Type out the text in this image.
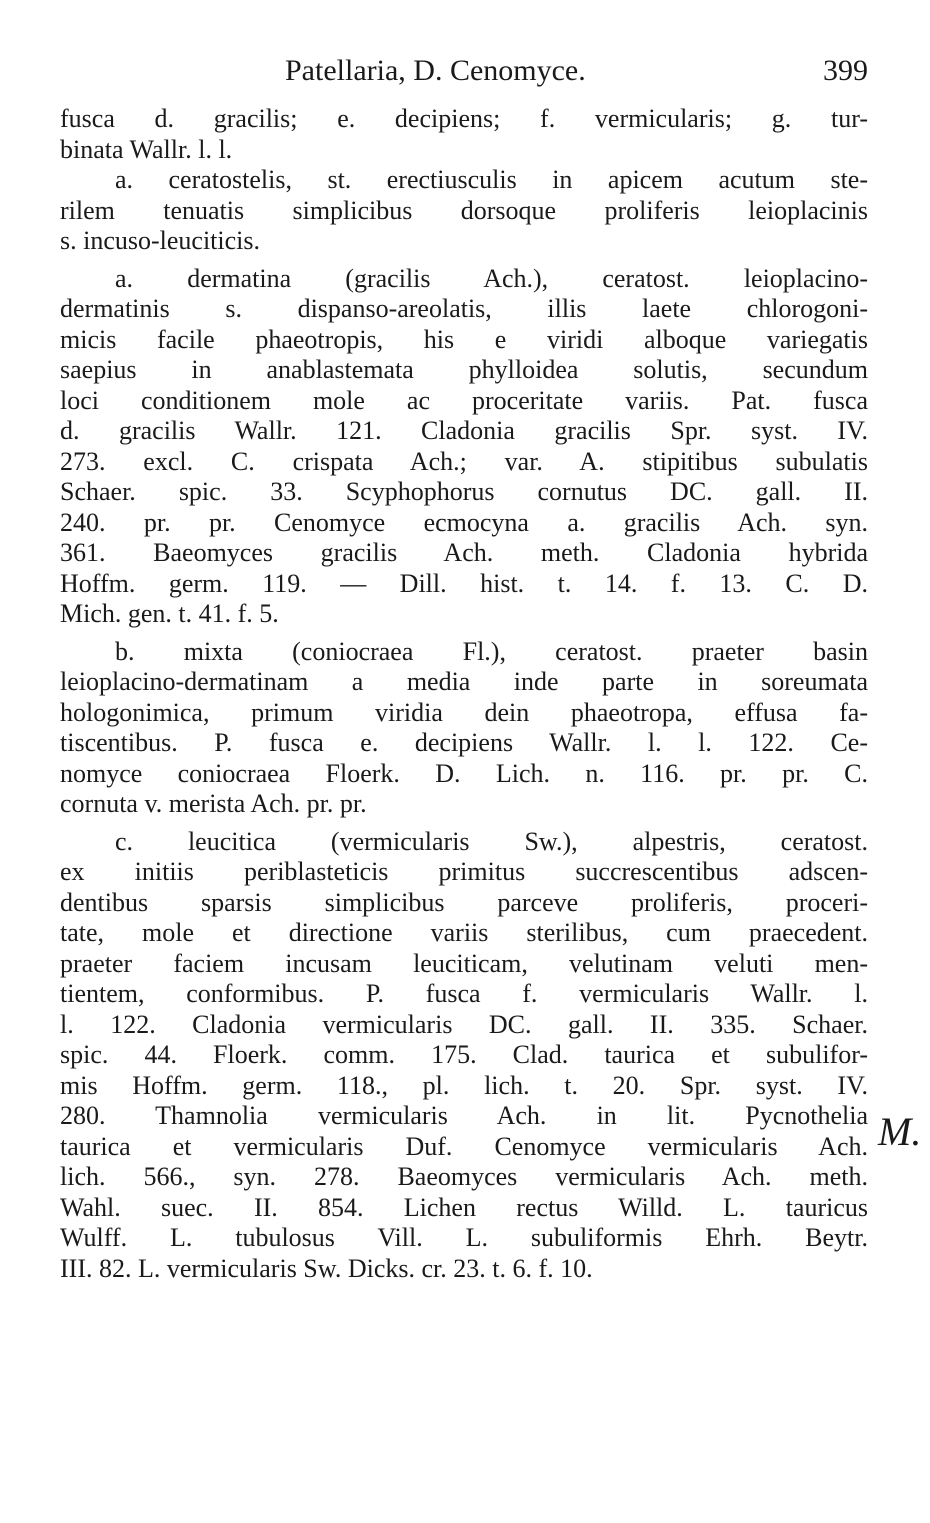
Patellaria, D. Cenomyce.	399
fusca d. gracilis; e. decipiens; f. vermicularis; g. tur-
binata Wallr. l. l.
a. ceratostelis, st. erectiusculis in apicem acutum ste-
rilem tenuatis simplicibus dorsoque proliferis leioplacinis
s. incuso-leuciticis.
a. dermatina (gracilis Ach.), ceratost. leioplacino-
dermatinis s. dispanso-areolatis, illis laete chlorogoni-
micis facile phaeotropis, his e viridi alboque variegatis
saepius in anablastemata phylloidea solutis, secundum
loci conditionem mole ac proceritate variis. Pat. fusca
d. gracilis Wallr. 121. Cladonia gracilis Spr. syst. IV.
273. excl. C. crispata Ach.; var. A. stipitibus subulatis
Schaer. spic. 33. Scyphophorus cornutus DC. gall. II.
240. pr. pr. Cenomyce ecmocyna a. gracilis Ach. syn.
361. Baeomyces gracilis Ach. meth. Cladonia hybrida
Hoffm. germ. 119. — Dill. hist. t. 14. f. 13. C. D.
Mich. gen. t. 41. f. 5.
b. mixta (coniocraea Fl.), ceratost. praeter basin
leioplacino-dermatinam a media inde parte in soreumata
hologonimica, primum viridia dein phaeotropa, effusa fa-
tiscentibus. P. fusca e. decipiens Wallr. l. l. 122. Ce-
nomyce coniocraea Floerk. D. Lich. n. 116. pr. pr. C.
cornuta v. merista Ach. pr. pr.
c. leucitica (vermicularis Sw.), alpestris, ceratost.
ex initiis periblasteticis primitus succrescentibus adscen-
dentibus sparsis simplicibus parceve proliferis, proceri-
tate, mole et directione variis sterilibus, cum praecedent.
praeter faciem incusam leuciticam, velutinam veluti men-
tientem, conformibus. P. fusca f. vermicularis Wallr. l.
l. 122. Cladonia vermicularis DC. gall. II. 335. Schaer.
spic. 44. Floerk. comm. 175. Clad. taurica et subulifor-
mis Hoffm. germ. 118., pl. lich. t. 20. Spr. syst. IV.
280. Thamnolia vermicularis Ach. in lit. Pycnothelia
taurica et vermicularis Duf. Cenomyce vermicularis Ach.
lich. 566., syn. 278. Baeomyces vermicularis Ach. meth.
Wahl. suec. II. 854. Lichen rectus Willd. L. tauricus
Wulff. L. tubulosus Vill. L. subuliformis Ehrh. Beytr.
III. 82. L. vermicularis Sw. Dicks. cr. 23. t. 6. f. 10.
M.
